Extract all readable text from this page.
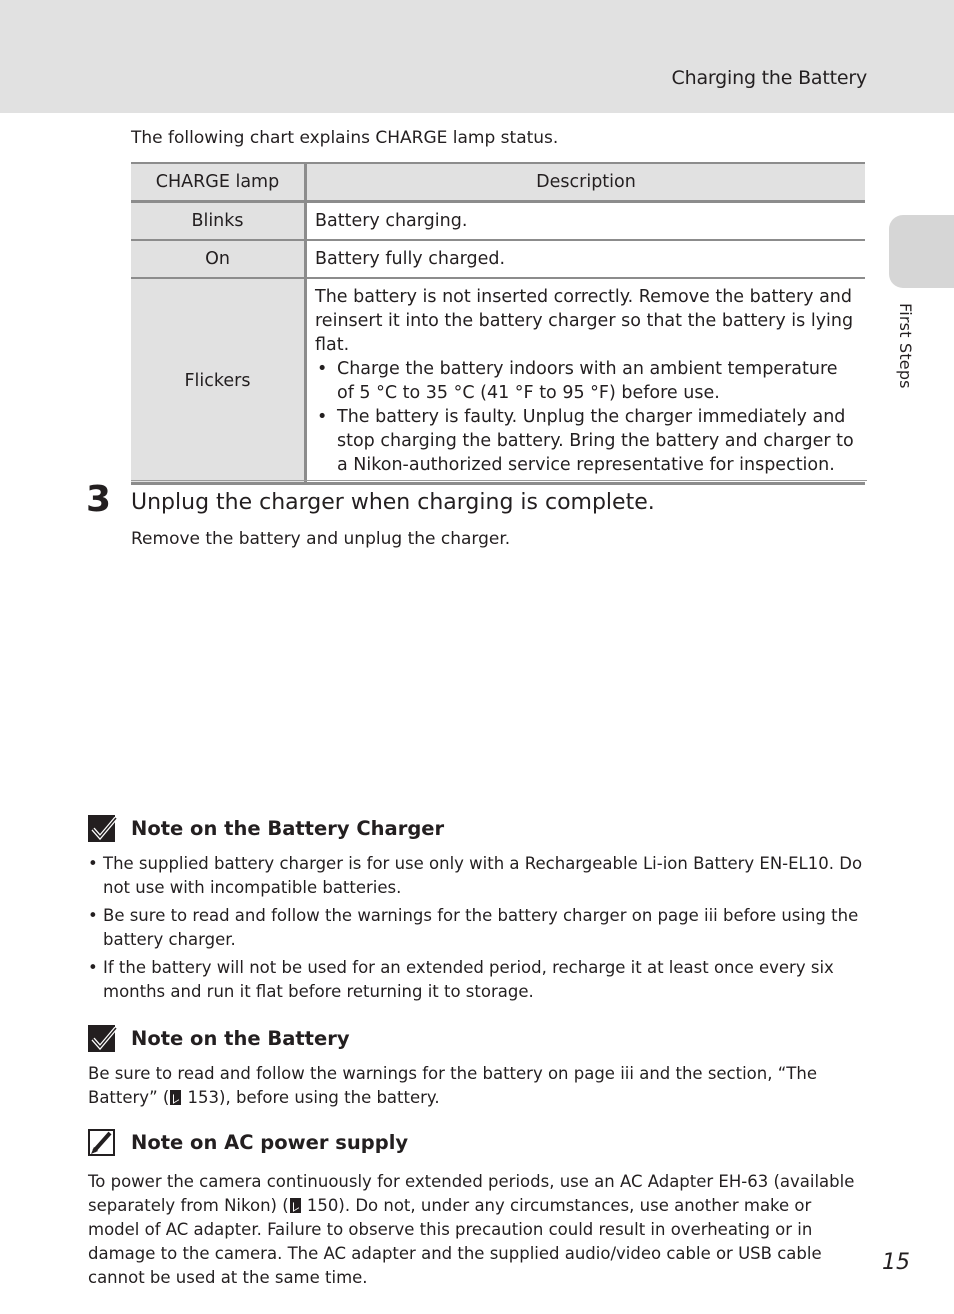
Charging the Battery
First Steps
The following chart explains CHARGE lamp status.
CHARGE lamp	Description
Blinks	Battery charging.
On	Battery fully charged.
Flickers	The battery is not inserted correctly. Remove the battery and reinsert it into the battery charger so that the battery is lying flat.
• Charge the battery indoors with an ambient temperature of 5 °C to 35 °C (41 °F to 95 °F) before use.
• The battery is faulty. Unplug the charger immediately and stop charging the battery. Bring the battery and charger to a Nikon-authorized service representative for inspection.
3 Unplug the charger when charging is complete.
Remove the battery and unplug the charger.
Note on the Battery Charger
• The supplied battery charger is for use only with a Rechargeable Li-ion Battery EN-EL10. Do not use with incompatible batteries.
• Be sure to read and follow the warnings for the battery charger on page iii before using the battery charger.
• If the battery will not be used for an extended period, recharge it at least once every six months and run it flat before returning it to storage.
Note on the Battery
Be sure to read and follow the warnings for the battery on page iii and the section, “The Battery” ( 153), before using the battery.
Note on AC power supply
To power the camera continuously for extended periods, use an AC Adapter EH-63 (available separately from Nikon) ( 150). Do not, under any circumstances, use another make or model of AC adapter. Failure to observe this precaution could result in overheating or in damage to the camera. The AC adapter and the supplied audio/video cable or USB cable cannot be used at the same time.
15
